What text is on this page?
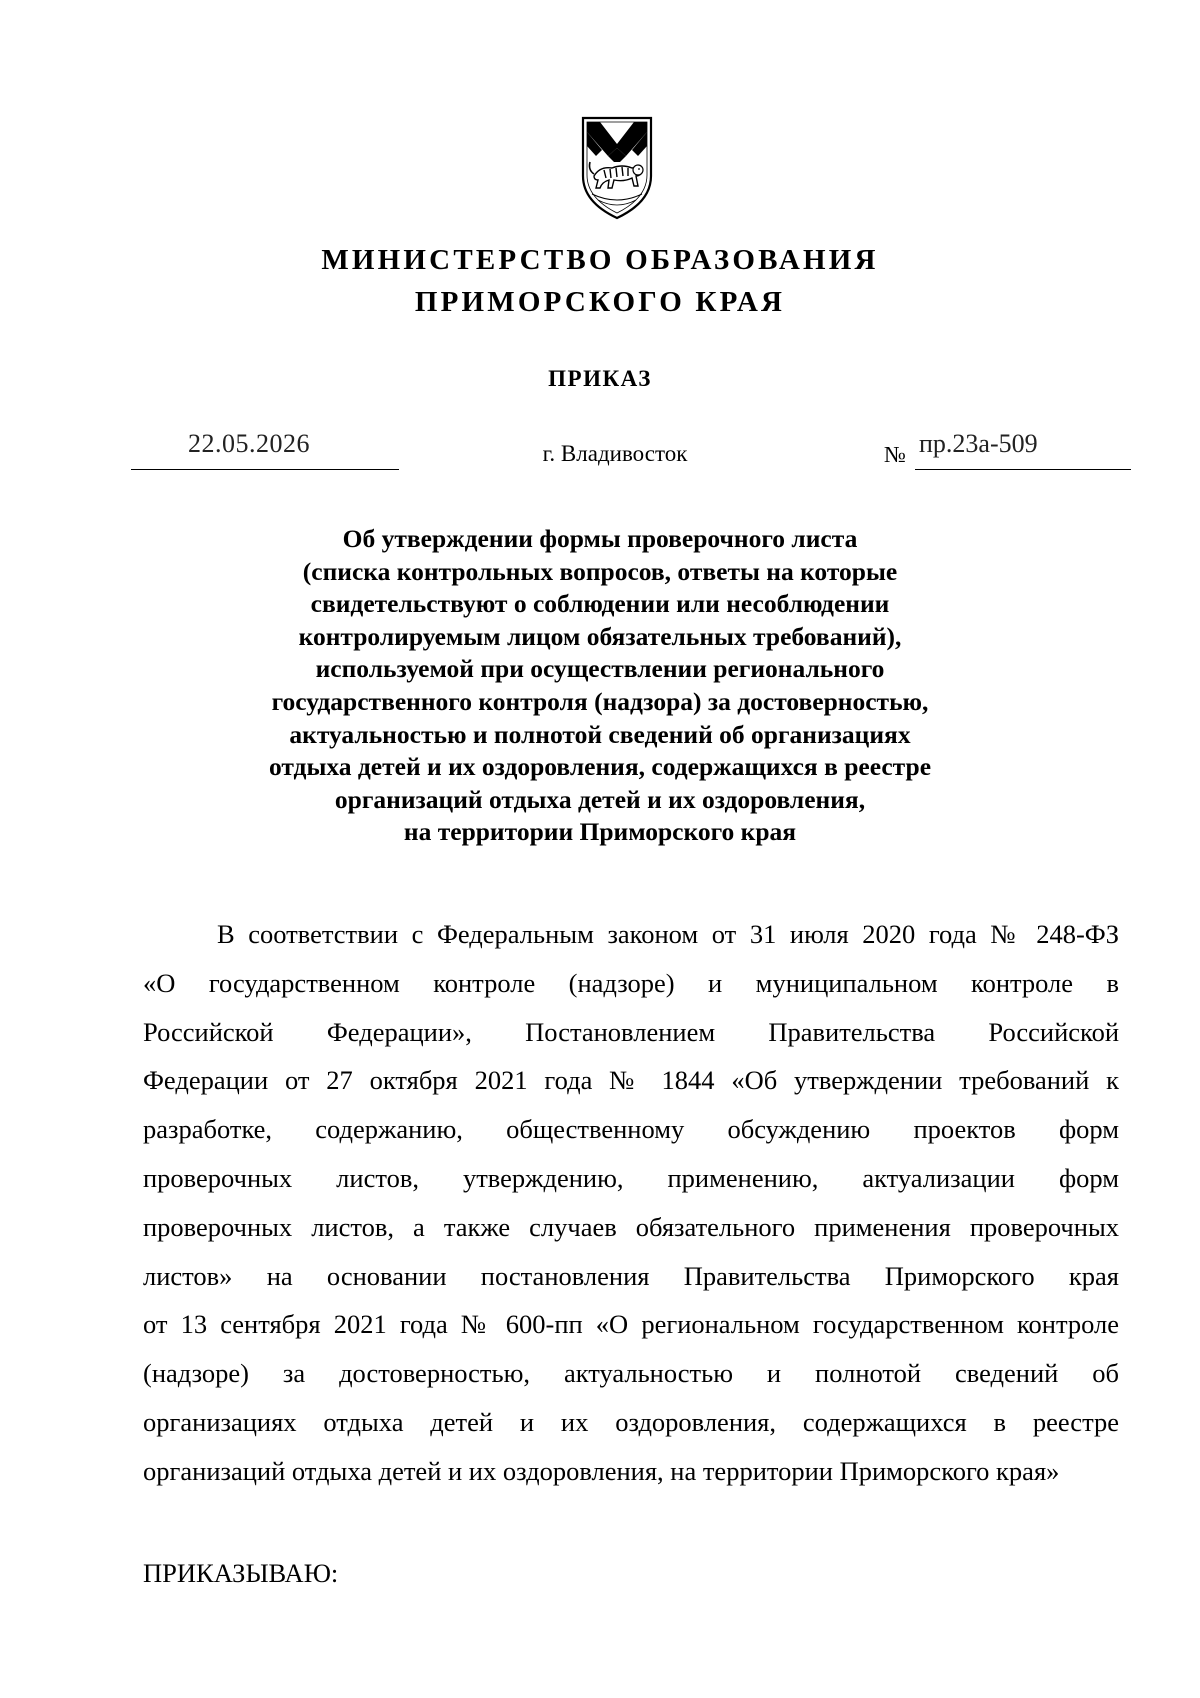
МИНИСТЕРСТВО ОБРАЗОВАНИЯ
ПРИМОРСКОГО КРАЯ
ПРИКАЗ
22.05.2026	г. Владивосток	№ пр.23а-509
Об утверждении формы проверочного листа
(списка контрольных вопросов, ответы на которые
свидетельствуют о соблюдении или несоблюдении
контролируемым лицом обязательных требований),
используемой при осуществлении регионального
государственного контроля (надзора) за достоверностью,
актуальностью и полнотой сведений об организациях
отдыха детей и их оздоровления, содержащихся в реестре
организаций отдыха детей и их оздоровления,
на территории Приморского края
В соответствии с Федеральным законом от 31 июля 2020 года № 248-ФЗ
«О государственном контроле (надзоре) и муниципальном контроле в
Российской Федерации», Постановлением Правительства Российской
Федерации от 27 октября 2021 года № 1844 «Об утверждении требований к
разработке, содержанию, общественному обсуждению проектов форм
проверочных листов, утверждению, применению, актуализации форм
проверочных листов, а также случаев обязательного применения проверочных
листов» на основании постановления Правительства Приморского края
от 13 сентября 2021 года № 600-пп «О региональном государственном контроле
(надзоре) за достоверностью, актуальностью и полнотой сведений об
организациях отдыха детей и их оздоровления, содержащихся в реестре
организаций отдыха детей и их оздоровления, на территории Приморского края»
ПРИКАЗЫВАЮ:
